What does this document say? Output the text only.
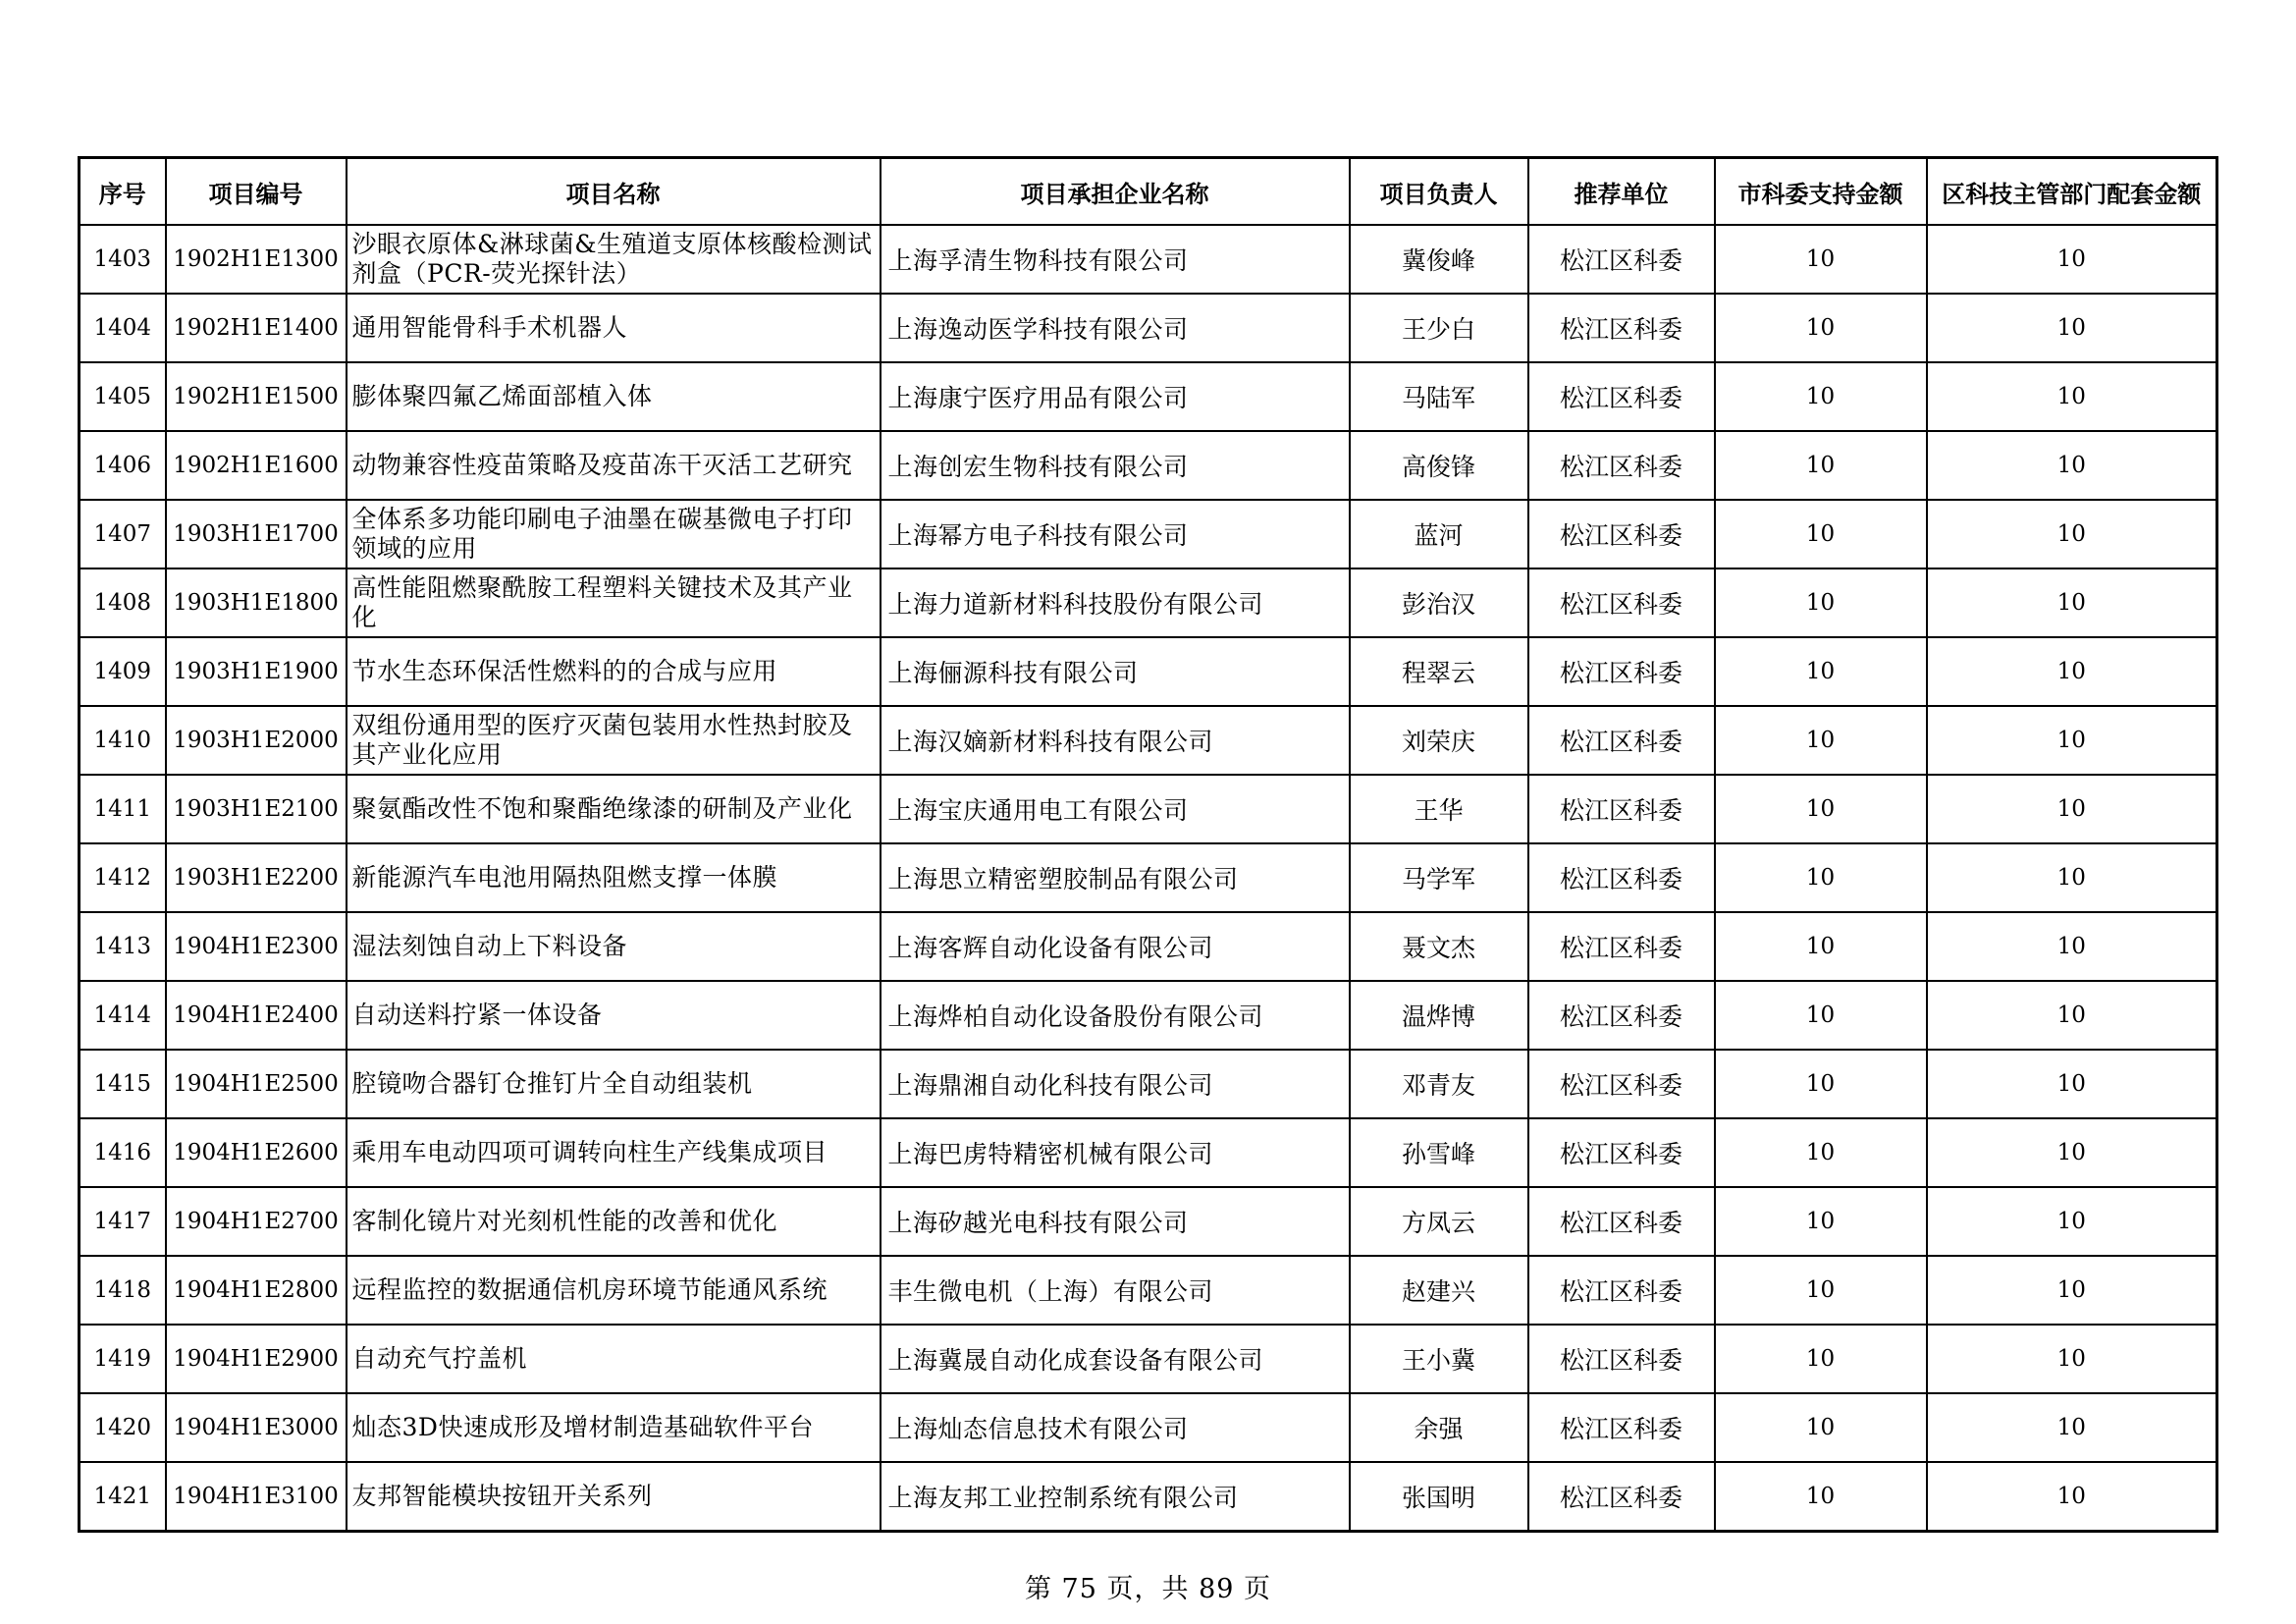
序号	项目编号	项目名称	项目承担企业名称	项目负责人	推荐单位	市科委支持金额	区科技主管部门配套金额
1403	1902H1E1300	沙眼衣原体&淋球菌&生殖道支原体核酸检测试剂盒（PCR-荧光探针法）	上海孚清生物科技有限公司	冀俊峰	松江区科委	10	10
1404	1902H1E1400	通用智能骨科手术机器人	上海逸动医学科技有限公司	王少白	松江区科委	10	10
1405	1902H1E1500	膨体聚四氟乙烯面部植入体	上海康宁医疗用品有限公司	马陆军	松江区科委	10	10
1406	1902H1E1600	动物兼容性疫苗策略及疫苗冻干灭活工艺研究	上海创宏生物科技有限公司	高俊锋	松江区科委	10	10
1407	1903H1E1700	全体系多功能印刷电子油墨在碳基微电子打印领域的应用	上海幂方电子科技有限公司	蓝河	松江区科委	10	10
1408	1903H1E1800	高性能阻燃聚酰胺工程塑料关键技术及其产业化	上海力道新材料科技股份有限公司	彭治汉	松江区科委	10	10
1409	1903H1E1900	节水生态环保活性燃料的的合成与应用	上海俪源科技有限公司	程翠云	松江区科委	10	10
1410	1903H1E2000	双组份通用型的医疗灭菌包装用水性热封胶及其产业化应用	上海汉嫡新材料科技有限公司	刘荣庆	松江区科委	10	10
1411	1903H1E2100	聚氨酯改性不饱和聚酯绝缘漆的研制及产业化	上海宝庆通用电工有限公司	王华	松江区科委	10	10
1412	1903H1E2200	新能源汽车电池用隔热阻燃支撑一体膜	上海思立精密塑胶制品有限公司	马学军	松江区科委	10	10
1413	1904H1E2300	湿法刻蚀自动上下料设备	上海客辉自动化设备有限公司	聂文杰	松江区科委	10	10
1414	1904H1E2400	自动送料拧紧一体设备	上海烨柏自动化设备股份有限公司	温烨博	松江区科委	10	10
1415	1904H1E2500	腔镜吻合器钉仓推钉片全自动组装机	上海鼎湘自动化科技有限公司	邓青友	松江区科委	10	10
1416	1904H1E2600	乘用车电动四项可调转向柱生产线集成项目	上海巴虏特精密机械有限公司	孙雪峰	松江区科委	10	10
1417	1904H1E2700	客制化镜片对光刻机性能的改善和优化	上海矽越光电科技有限公司	方凤云	松江区科委	10	10
1418	1904H1E2800	远程监控的数据通信机房环境节能通风系统	丰生微电机（上海）有限公司	赵建兴	松江区科委	10	10
1419	1904H1E2900	自动充气拧盖机	上海冀晟自动化成套设备有限公司	王小冀	松江区科委	10	10
1420	1904H1E3000	灿态3D快速成形及增材制造基础软件平台	上海灿态信息技术有限公司	余强	松江区科委	10	10
1421	1904H1E3100	友邦智能模块按钮开关系列	上海友邦工业控制系统有限公司	张国明	松江区科委	10	10
第 75 页，共 89 页
